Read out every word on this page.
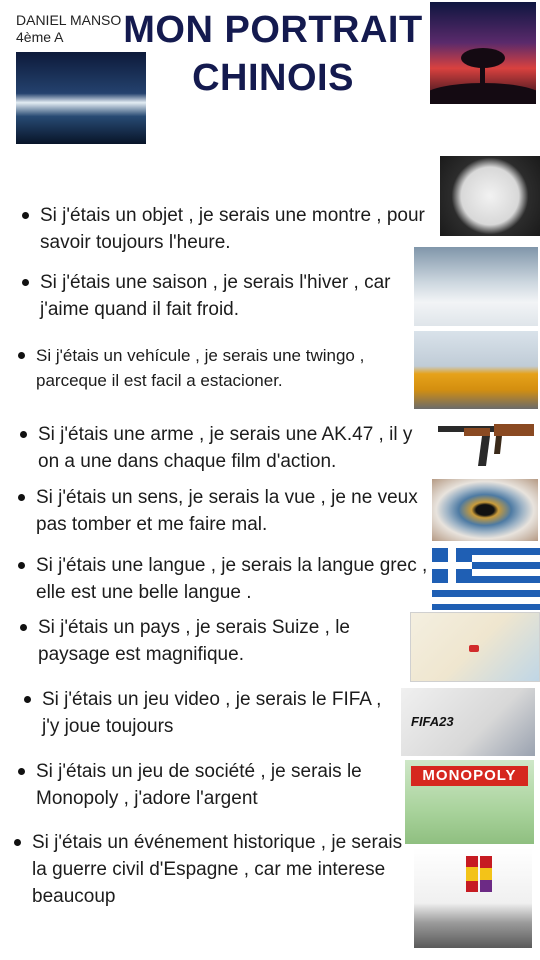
DANIEL MANSO 4ème A	MON PORTRAIT CHINOIS
Si j'étais un objet , je serais une montre , pour savoir toujours l'heure.
Si j'étais une saison , je serais l'hiver , car j'aime quand il fait froid.
Si j'étais un vehícule , je serais une twingo , parceque il est facil a estacioner.
Si j'étais une arme , je serais une AK.47 , il y on a une dans chaque film d'action.
Si j'étais un sens, je serais la vue , je ne veux pas tomber et me faire mal.
Si j'étais une langue , je serais la langue grec , elle est une belle langue .
Si j'étais un pays , je serais Suize , le paysage est magnifique.
Si j'étais un jeu video , je serais le FIFA , j'y joue toujours	FIFA23
Si j'étais un jeu de société , je serais le Monopoly , j'adore l'argent
MONOPOLY
Si j'étais un événement historique , je serais la guerre civil d'Espagne , car me interese beaucoup
